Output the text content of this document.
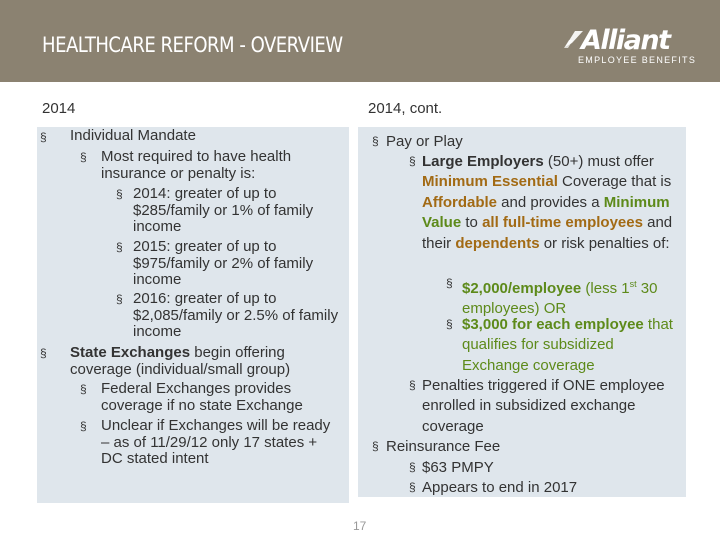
HEALTHCARE REFORM - OVERVIEW	Alliant
EMPLOYEE BENEFITS
2014	2014, cont.
§ Individual Mandate
§ Most required to have health insurance or penalty is:
§ 2014: greater of up to $285/family or 1% of family income
§ 2015: greater of up to $975/family or 2% of family income
§ 2016: greater of up to $2,085/family or 2.5% of family income
§ State Exchanges begin offering coverage (individual/small group)
§ Federal Exchanges provides coverage if no state Exchange
§ Unclear if Exchanges will be ready – as of 11/29/12 only 17 states + DC stated intent
§ Pay or Play
§ Large Employers (50+) must offer Minimum Essential Coverage that is Affordable and provides a Minimum Value to all full-time employees and their dependents or risk penalties of:
§ $2,000/employee (less 1st 30 employees) OR
§ $3,000 for each employee that qualifies for subsidized Exchange coverage
§ Penalties triggered if ONE employee enrolled in subsidized exchange coverage
§ Reinsurance Fee
§ $63 PMPY
§ Appears to end in 2017
17
